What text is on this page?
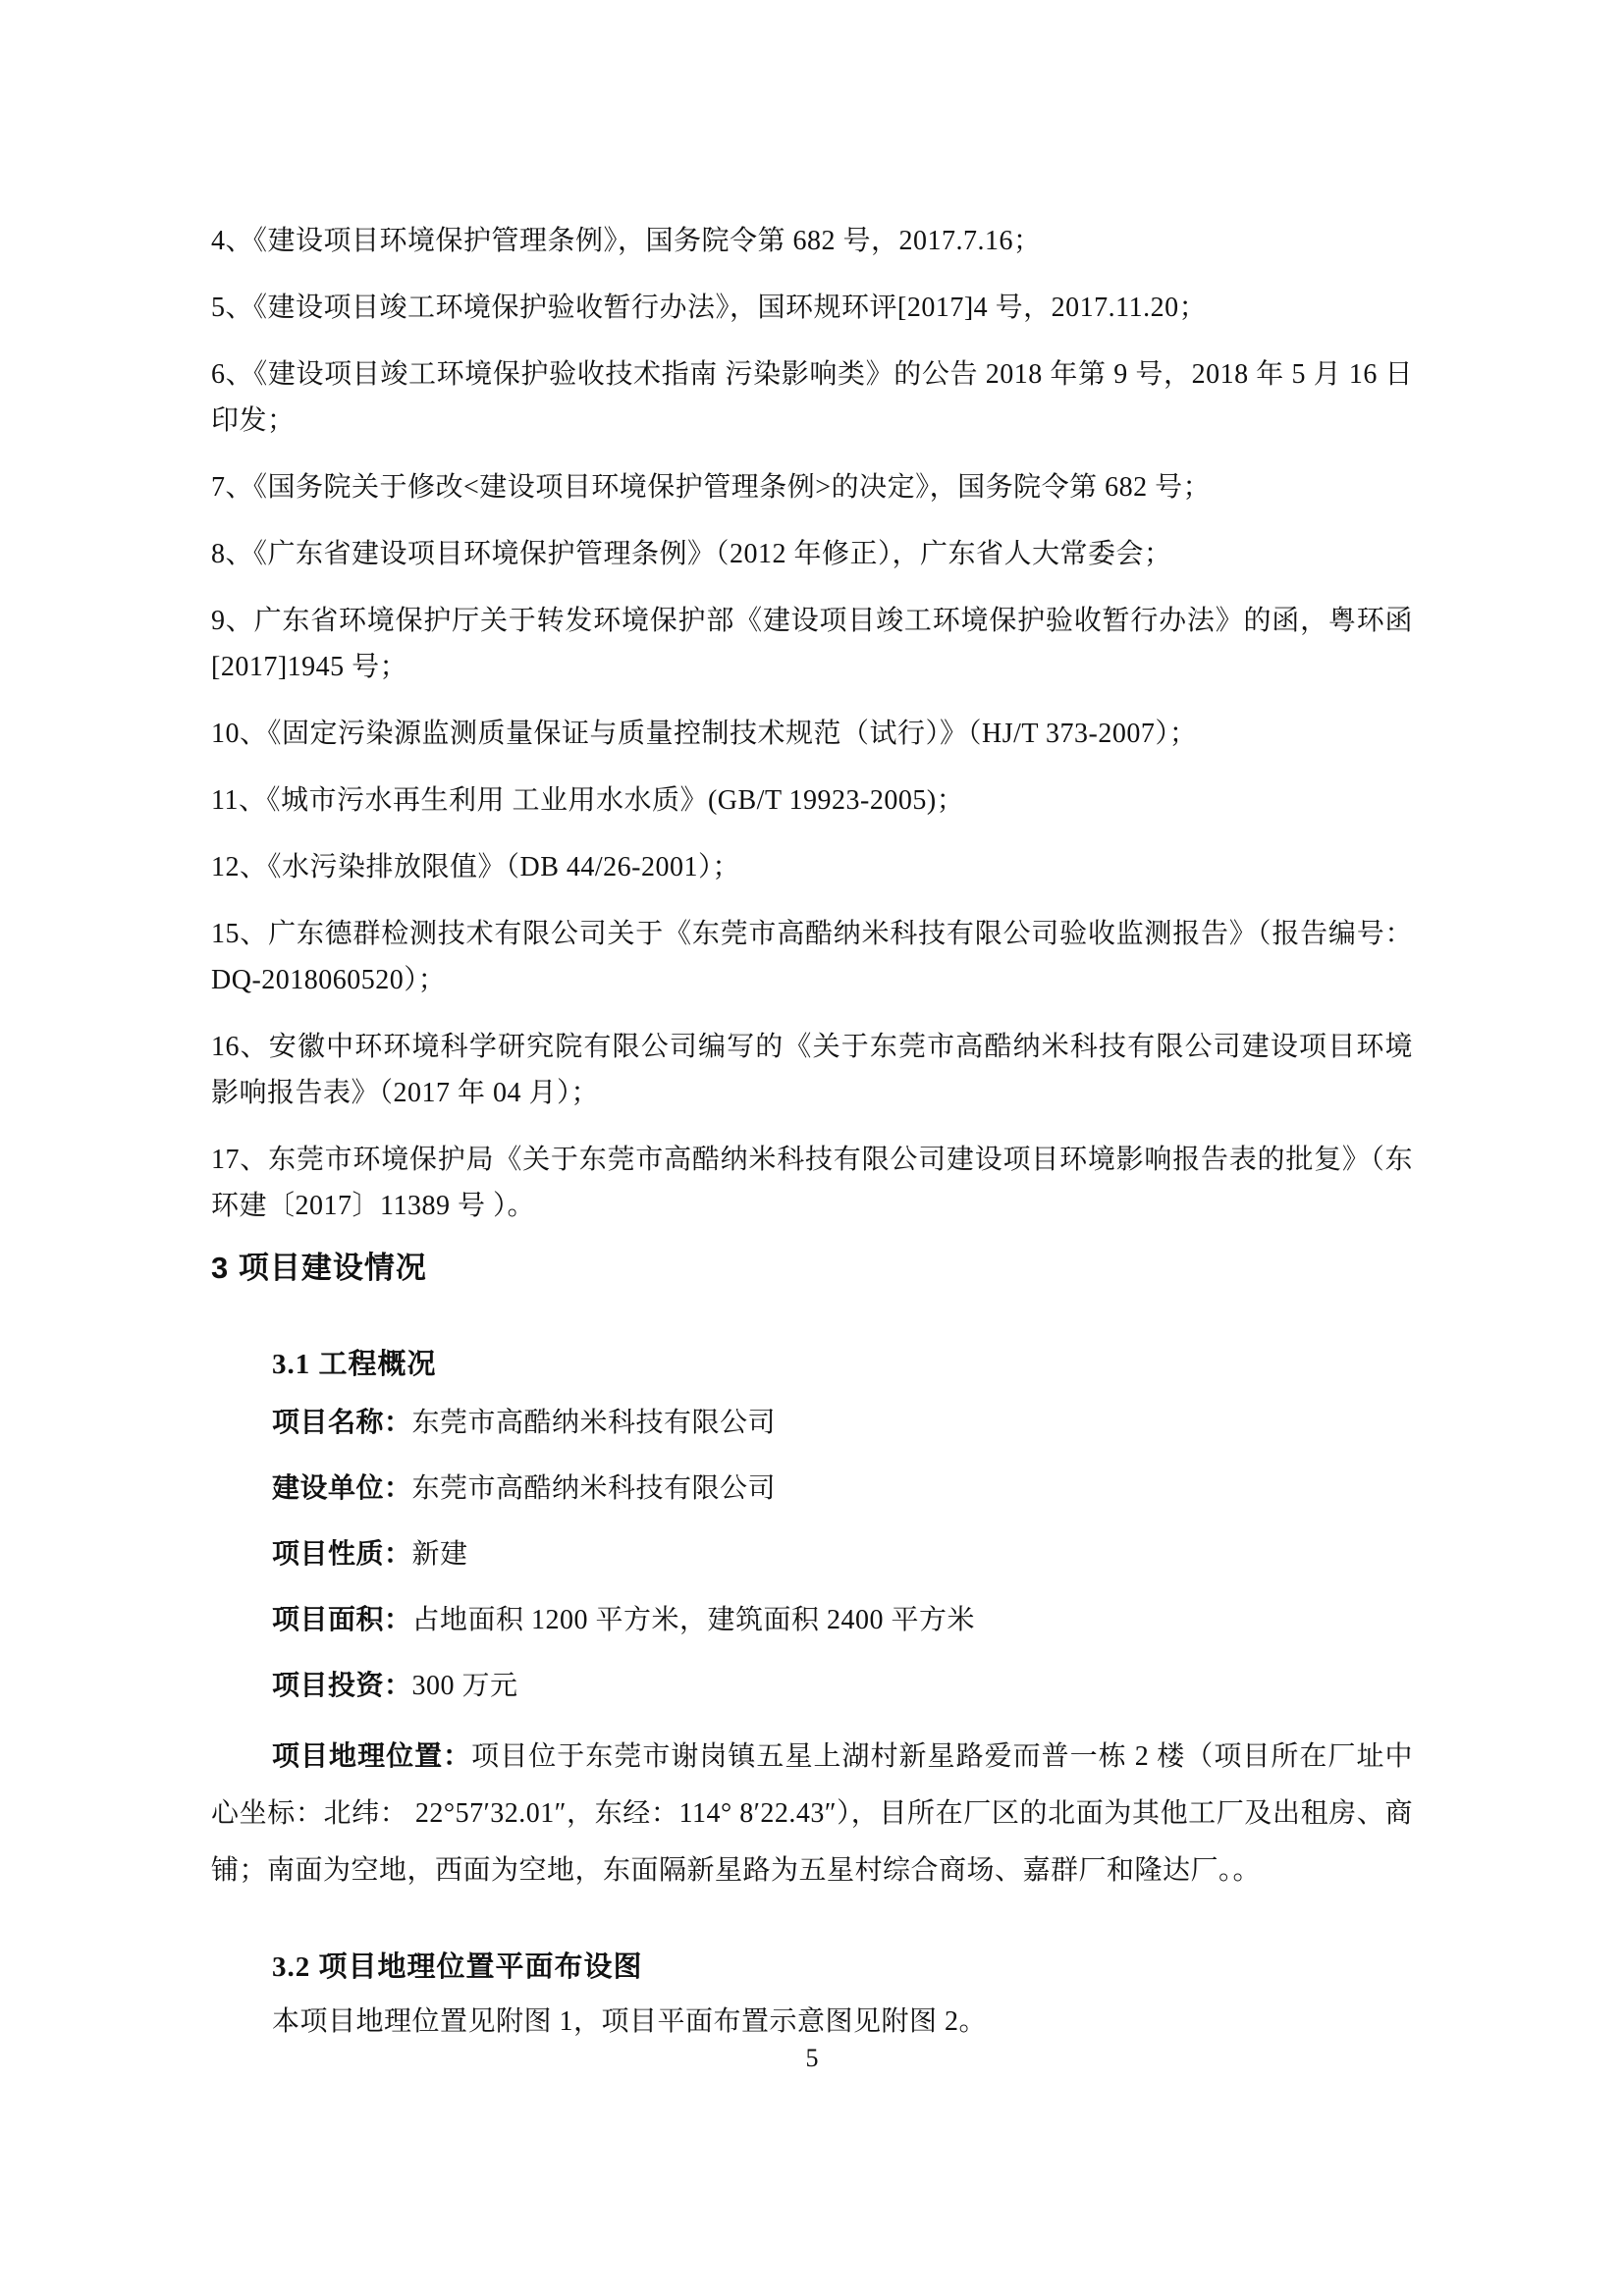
4、《建设项目环境保护管理条例》，国务院令第 682 号，2017.7.16；

5、《建设项目竣工环境保护验收暂行办法》，国环规环评[2017]4 号，2017.11.20；

6、《建设项目竣工环境保护验收技术指南 污染影响类》的公告 2018 年第 9 号，2018 年 5 月 16 日印发；

7、《国务院关于修改<建设项目环境保护管理条例>的决定》，国务院令第 682 号；

8、《广东省建设项目环境保护管理条例》（2012 年修正），广东省人大常委会；

9、广东省环境保护厅关于转发环境保护部《建设项目竣工环境保护验收暂行办法》的函，粤环函[2017]1945 号；

10、《固定污染源监测质量保证与质量控制技术规范（试行）》（HJ/T 373-2007）；

11、《城市污水再生利用 工业用水水质》(GB/T 19923-2005)；

12、《水污染排放限值》（DB 44/26-2001）；

15、广东德群检测技术有限公司关于《东莞市高酷纳米科技有限公司验收监测报告》（报告编号：DQ-2018060520）；

16、安徽中环环境科学研究院有限公司编写的《关于东莞市高酷纳米科技有限公司建设项目环境影响报告表》（2017 年 04 月）；

17、东莞市环境保护局《关于东莞市高酷纳米科技有限公司建设项目环境影响报告表的批复》（东环建〔2017〕11389 号 ）。

3 项目建设情况
3.1 工程概况

项目名称：东莞市高酷纳米科技有限公司

建设单位：东莞市高酷纳米科技有限公司

项目性质：新建

项目面积：占地面积 1200 平方米，建筑面积 2400 平方米

项目投资：300 万元

项目地理位置：项目位于东莞市谢岗镇五星上湖村新星路爱而普一栋 2 楼（项目所在厂址中心坐标：北纬： 22°57′32.01″，东经：114° 8′22.43″），目所在厂区的北面为其他工厂及出租房、商铺；南面为空地，西面为空地，东面隔新星路为五星村综合商场、嘉群厂和隆达厂。。

3.2 项目地理位置平面布设图

本项目地理位置见附图 1，项目平面布置示意图见附图 2。

5
